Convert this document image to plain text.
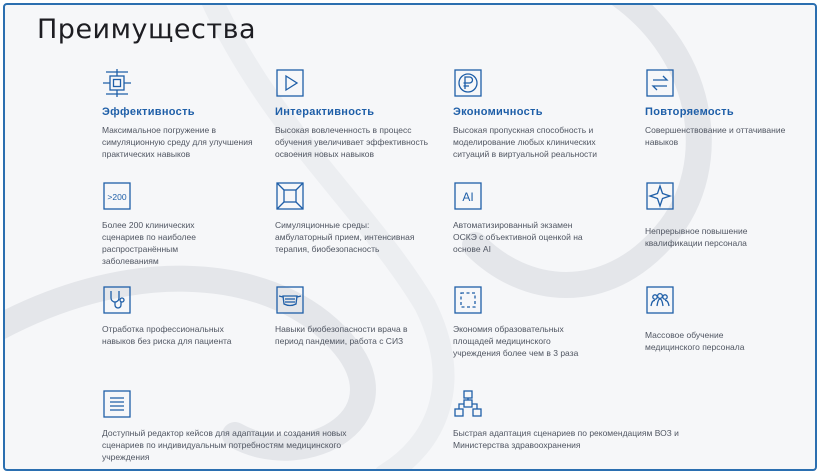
Преимущества
Эффективность
Максимальное погружение в симуляционную среду для улучшения практических навыков
Интерактивность
Высокая вовлеченность в процесс обучения увеличивает эффективность освоения новых навыков
Экономичность
Высокая пропускная способность и моделирование любых клинических ситуаций в виртуальной реальности
Повторяемость
Совершенствование и оттачивание навыков
>200
Более 200 клинических сценариев по наиболее распространённым заболеваниям
Симуляционные среды: амбулаторный прием, интенсивная терапия, биобезопасность
AI
Автоматизированный экзамен ОСКЭ с объективной оценкой на основе AI
Непрерывное повышение квалификации персонала
Отработка профессиональных навыков без риска для пациента
Навыки биобезопасности врача в период пандемии, работа с СИЗ
Экономия образовательных площадей медицинского учреждения более чем в 3 раза
Массовое обучение медицинского персонала
Доступный редактор кейсов для адаптации и создания новых сценариев по индивидуальным потребностям медицинского учреждения
Быстрая адаптация сценариев по рекомендациям ВОЗ и Министерства здравоохранения
